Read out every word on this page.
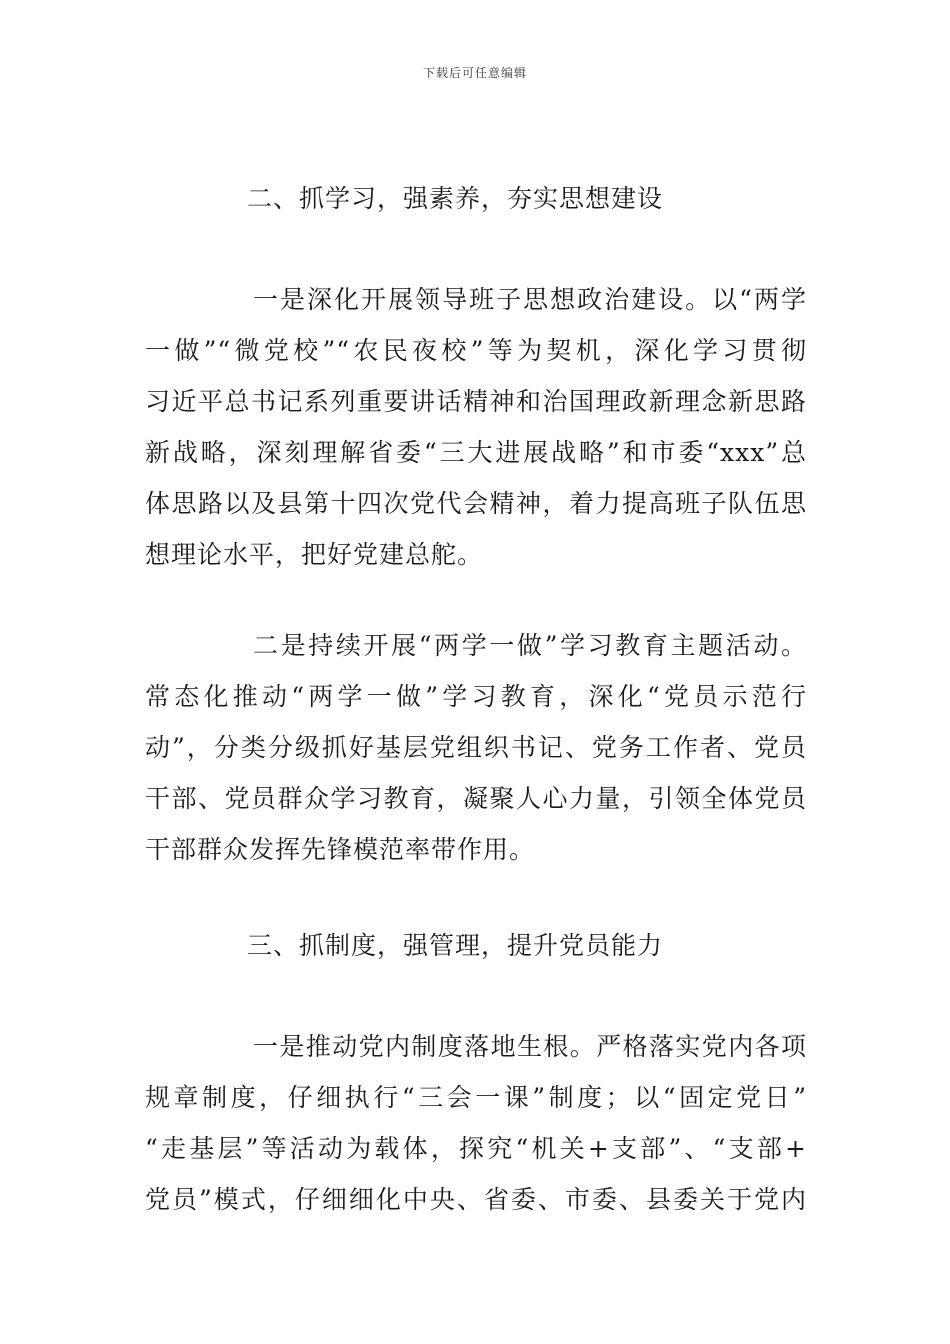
下载后可任意编辑
二、抓学习，强素养，夯实思想建设
一是深化开展领导班子思想政治建设。以“两学
一做”“微党校”“农民夜校”等为契机，深化学习贯彻
习近平总书记系列重要讲话精神和治国理政新理念新思路
新战略，深刻理解省委“三大进展战略”和市委“xxx”总
体思路以及县第十四次党代会精神，着力提高班子队伍思
想理论水平，把好党建总舵。
二是持续开展“两学一做”学习教育主题活动。
常态化推动“两学一做”学习教育，深化“党员示范行
动”，分类分级抓好基层党组织书记、党务工作者、党员
干部、党员群众学习教育，凝聚人心力量，引领全体党员
干部群众发挥先锋模范率带作用。
三、抓制度，强管理，提升党员能力
一是推动党内制度落地生根。严格落实党内各项
规章制度，仔细执行“三会一课”制度；以“固定党日”
“走基层”等活动为载体，探究“机关+支部”、“支部+
党员”模式，仔细细化中央、省委、市委、县委关于党内
